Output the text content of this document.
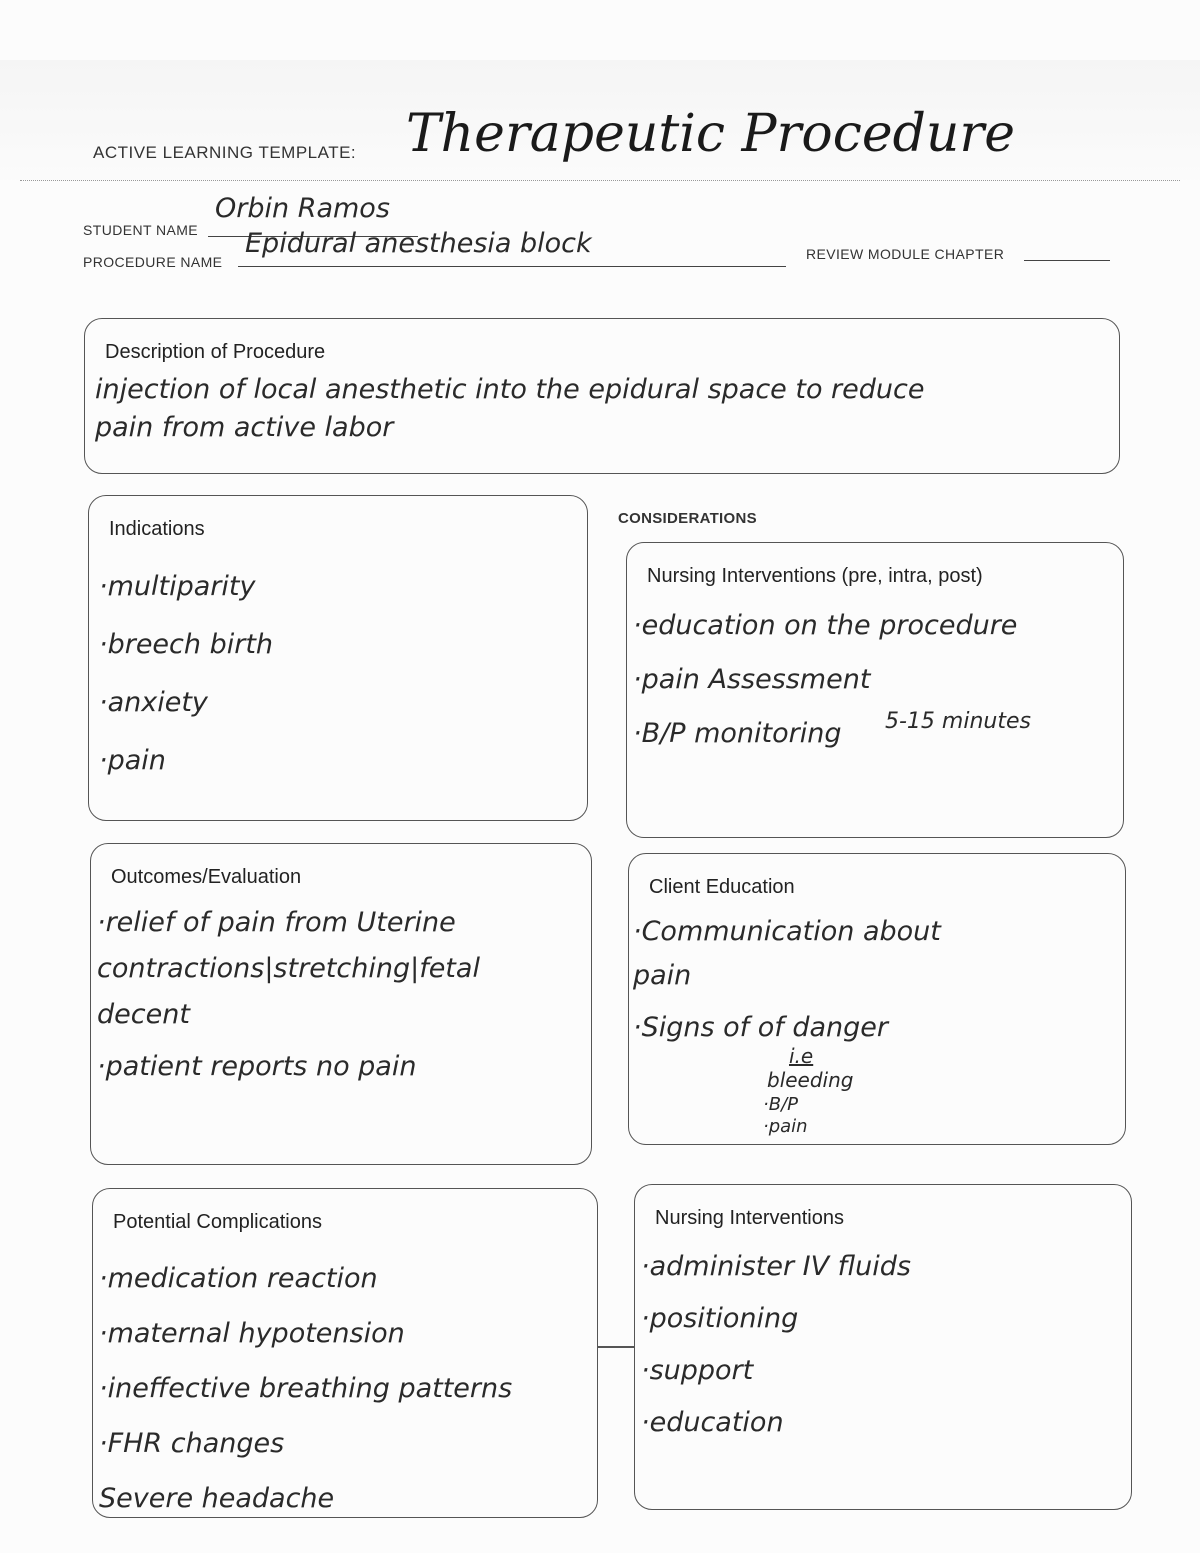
ACTIVE LEARNING TEMPLATE: Therapeutic Procedure
STUDENT NAME
Orbin Ramos
PROCEDURE NAME
Epidural anesthesia block	REVIEW MODULE CHAPTER
Description of Procedure
injection of local anesthetic into the epidural space to reduce
pain from active labor
CONSIDERATIONS
Indications
·multiparity
·breech birth
·anxiety
·pain
Nursing Interventions (pre, intra, post)
·education on the procedure
·pain Assessment
·B/P monitoring	5-15 minutes
Outcomes/Evaluation
·relief of pain from Uterine
contractions|stretching|fetal
decent
·patient reports no pain
Client Education
·Communication about
pain
·Signs of of danger
i.e
bleeding
·B/P
·pain
Potential Complications
·medication reaction
·maternal hypotension
·ineffective breathing patterns
·FHR changes
Severe headache
Nursing Interventions
·administer IV fluids
·positioning
·support
·education
